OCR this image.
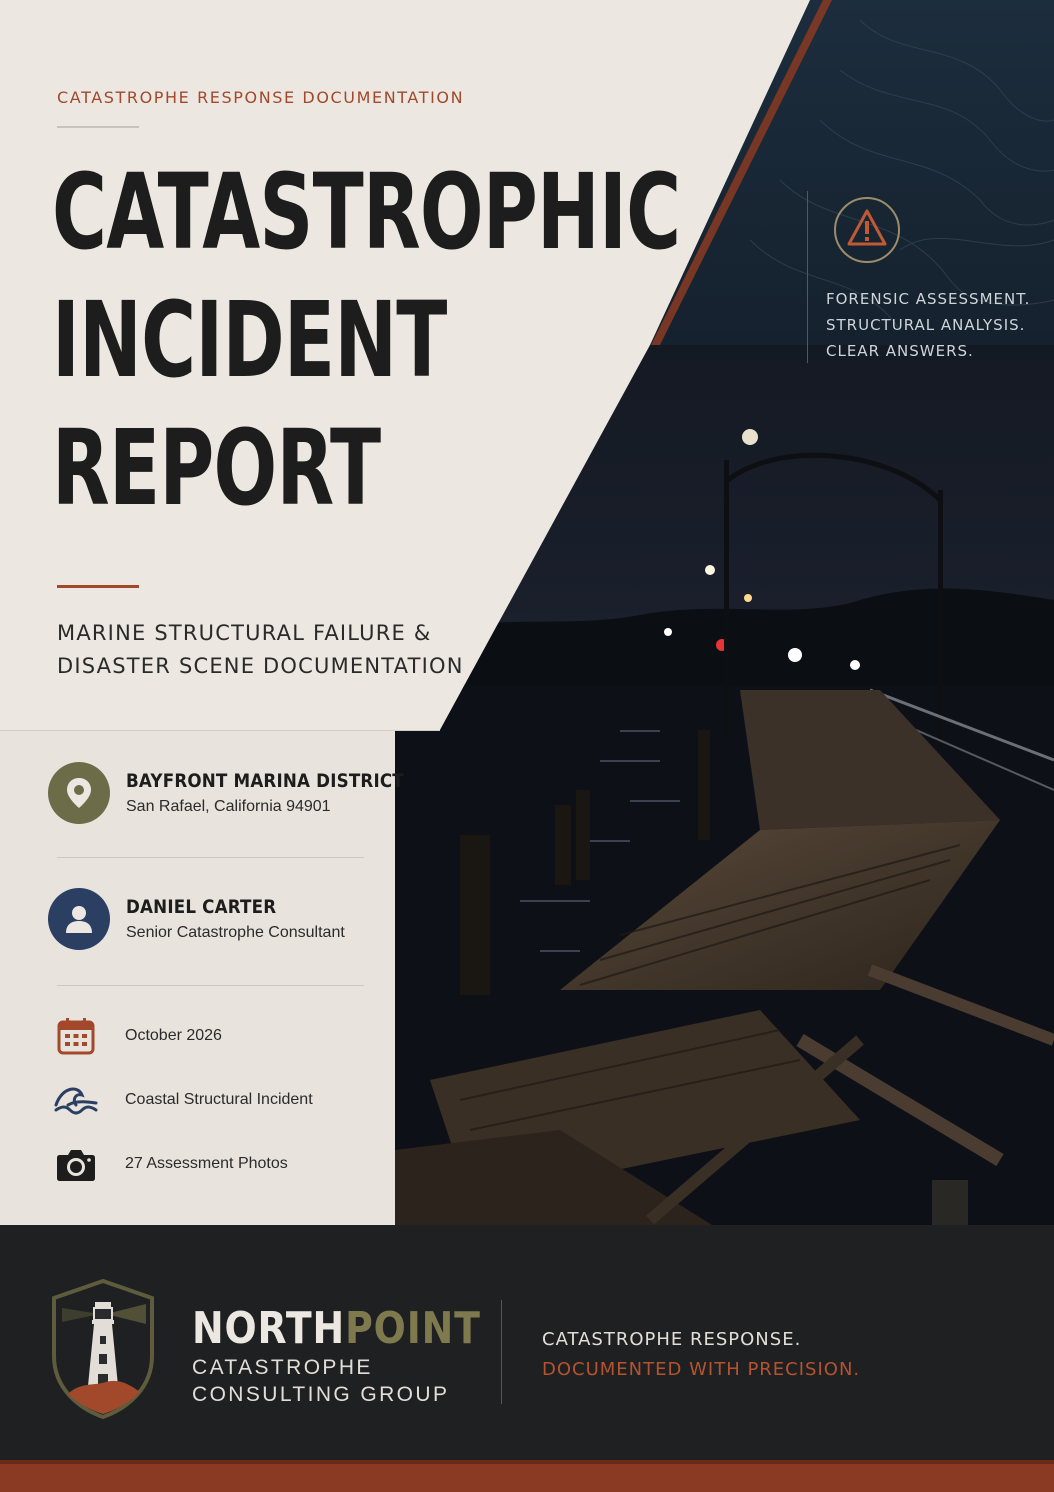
CATASTROPHE RESPONSE DOCUMENTATION
CATASTROPHIC
INCIDENT
REPORT
MARINE STRUCTURAL FAILURE &
DISASTER SCENE DOCUMENTATION
FORENSIC ASSESSMENT.
STRUCTURAL ANALYSIS.
CLEAR ANSWERS.
BAYFRONT MARINA DISTRICT
San Rafael, California 94901
DANIEL CARTER
Senior Catastrophe Consultant
October 2026
Coastal Structural Incident
27 Assessment Photos
NORTHPOINT
CATASTROPHE
CONSULTING GROUP
CATASTROPHE RESPONSE.
DOCUMENTED WITH PRECISION.
